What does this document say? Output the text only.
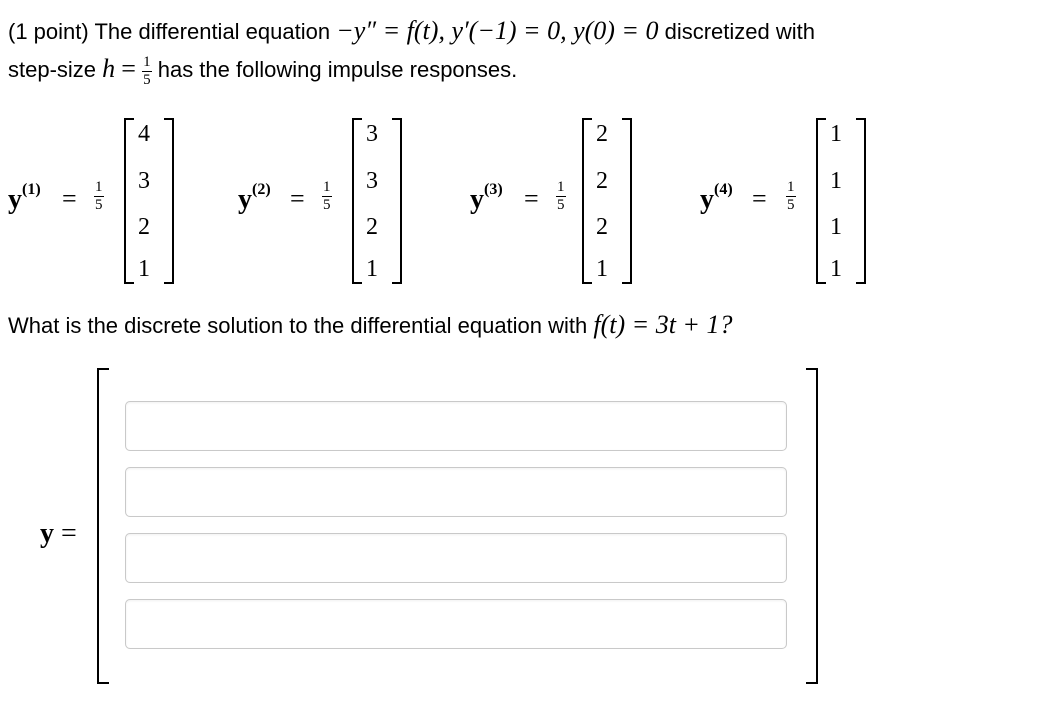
(1 point) The differential equation −y″ = f(t), y′(−1) = 0, y(0) = 0 discretized with
step-size $h = \frac{1}{5}$ has the following impulse responses.
$y^{(1)} = 1$
5
4
3
2
1
$y^{(2)} = 1$
5
3
3
2
1
$y^{(3)} = 1$
5
2
2
2
1
$y^{(4)} = 1$
5
1
1
1
1
What is the discrete solution to the differential equation with f(t) = 3t + 1?
y =
